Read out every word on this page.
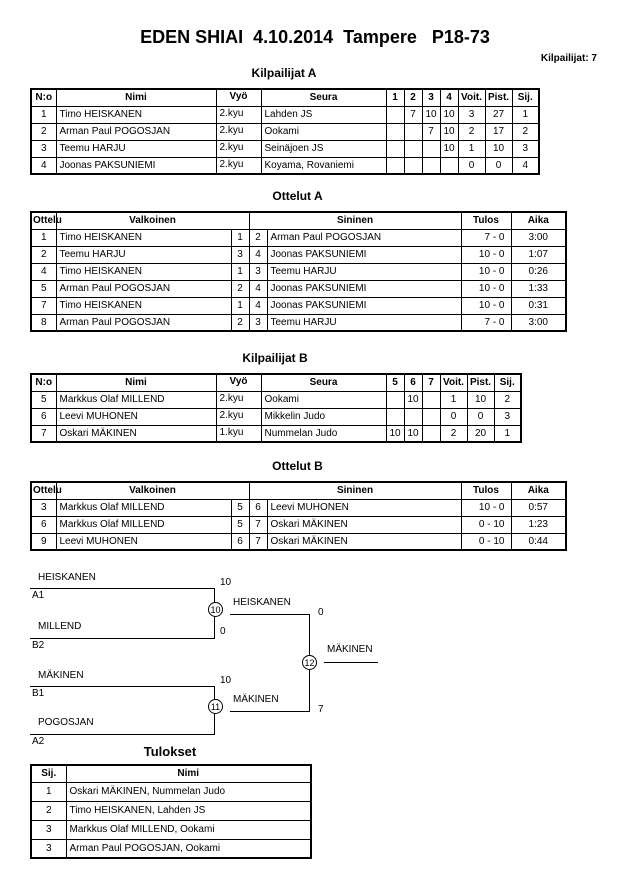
EDEN SHIAI  4.10.2014  Tampere   P18-73
Kilpailijat: 7
Kilpailijat A
N:o	Nimi	Vyö	Seura	1	2	3	4	Voit.	Pist.	Sij.
1	Timo HEISKANEN	2.kyu	Lahden JS		7	10	10	3	27	1
2	Arman Paul POGOSJAN	2.kyu	Ookami			7	10	2	17	2
3	Teemu HARJU	2.kyu	Seinäjoen JS				10	1	10	3
4	Joonas PAKSUNIEMI	2.kyu	Koyama, Rovaniemi					0	0	4
Ottelut A
Ottelu	Valkoinen		Sininen		Tulos	Aika
1	Timo HEISKANEN	1	2	Arman Paul POGOSJAN	7 - 0	3:00
2	Teemu HARJU	3	4	Joonas PAKSUNIEMI	10 - 0	1:07
4	Timo HEISKANEN	1	3	Teemu HARJU	10 - 0	0:26
5	Arman Paul POGOSJAN	2	4	Joonas PAKSUNIEMI	10 - 0	1:33
7	Timo HEISKANEN	1	4	Joonas PAKSUNIEMI	10 - 0	0:31
8	Arman Paul POGOSJAN	2	3	Teemu HARJU	7 - 0	3:00
Kilpailijat B
N:o	Nimi	Vyö	Seura	5	6	7	Voit.	Pist.	Sij.
5	Markkus Olaf MILLEND	2.kyu	Ookami		10		1	10	2
6	Leevi MUHONEN	2.kyu	Mikkelin Judo				0	0	3
7	Oskari MÄKINEN	1.kyu	Nummelan Judo	10	10		2	20	1
Ottelut B
Ottelu	Valkoinen		Sininen		Tulos	Aika
3	Markkus Olaf MILLEND	5	6	Leevi MUHONEN	10 - 0	0:57
6	Markkus Olaf MILLEND	5	7	Oskari MÄKINEN	0 - 10	1:23
9	Leevi MUHONEN	6	7	Oskari MÄKINEN	0 - 10	0:44
HEISKANEN
A1
10
MILLEND
B2
0
10
HEISKANEN
0
12
MÄKINEN
MÄKINEN
B1
10
POGOSJAN
A2
11
MÄKINEN
7
Tulokset
Sij.	Nimi
1	Oskari MÄKINEN, Nummelan Judo
2	Timo HEISKANEN, Lahden JS
3	Markkus Olaf MILLEND, Ookami
3	Arman Paul POGOSJAN, Ookami
